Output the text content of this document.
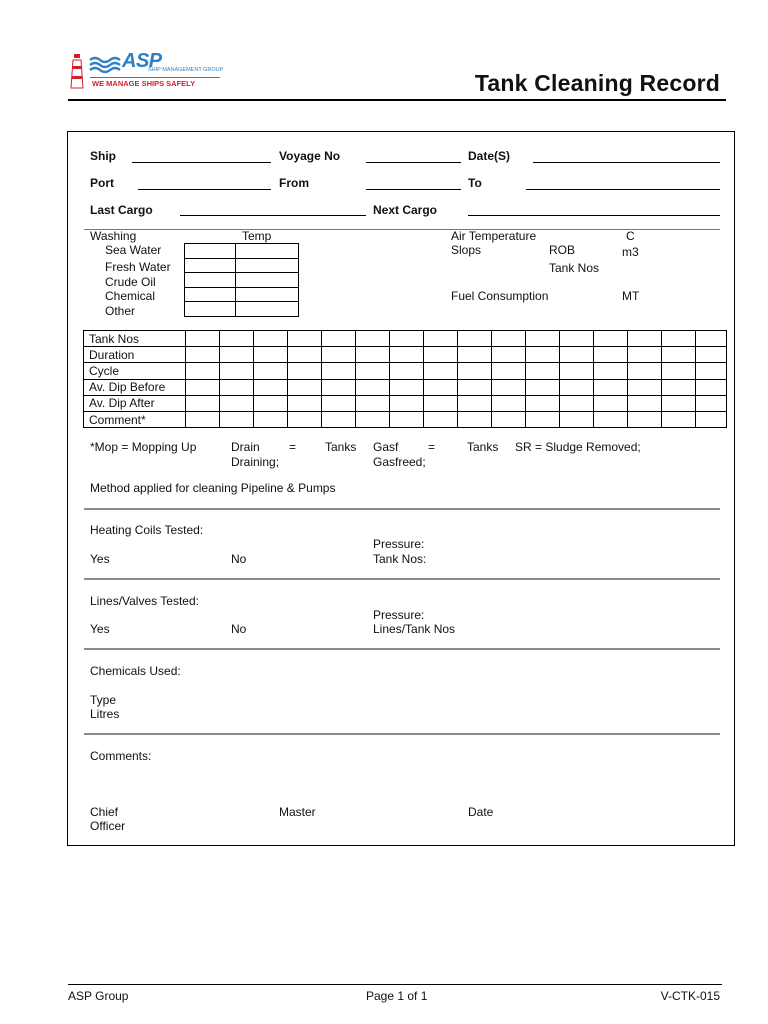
ASP
SHIP MANAGEMENT GROUP
WE MANAGE SHIPS SAFELY	Tank Cleaning Record
Ship	Voyage No	Date(S)
Port	From	To
Last Cargo	Next Cargo
Washing	Temp
Sea Water
Fresh Water
Crude Oil
Chemical
Other

Air Temperature	C
Slops	ROB	m3
Tank Nos
Fuel Consumption	MT
Tank Nos																
Duration																
Cycle																
Av. Dip Before																
Av. Dip After																
Comment*																
*Mop = Mopping Up	Drain = Tanks
Draining;
Gasf =	Tanks
Gasfreed;
SR = Sludge Removed;
Method applied for cleaning Pipeline & Pumps
Heating Coils Tested:
Pressure:
Yes	No	Tank Nos:
Lines/Valves Tested:
Pressure:
Yes	No	Lines/Tank Nos
Chemicals Used:
Type
Litres
Comments:
Chief
Officer
Master	Date
ASP Group	Page 1 of 1	V-CTK-015
